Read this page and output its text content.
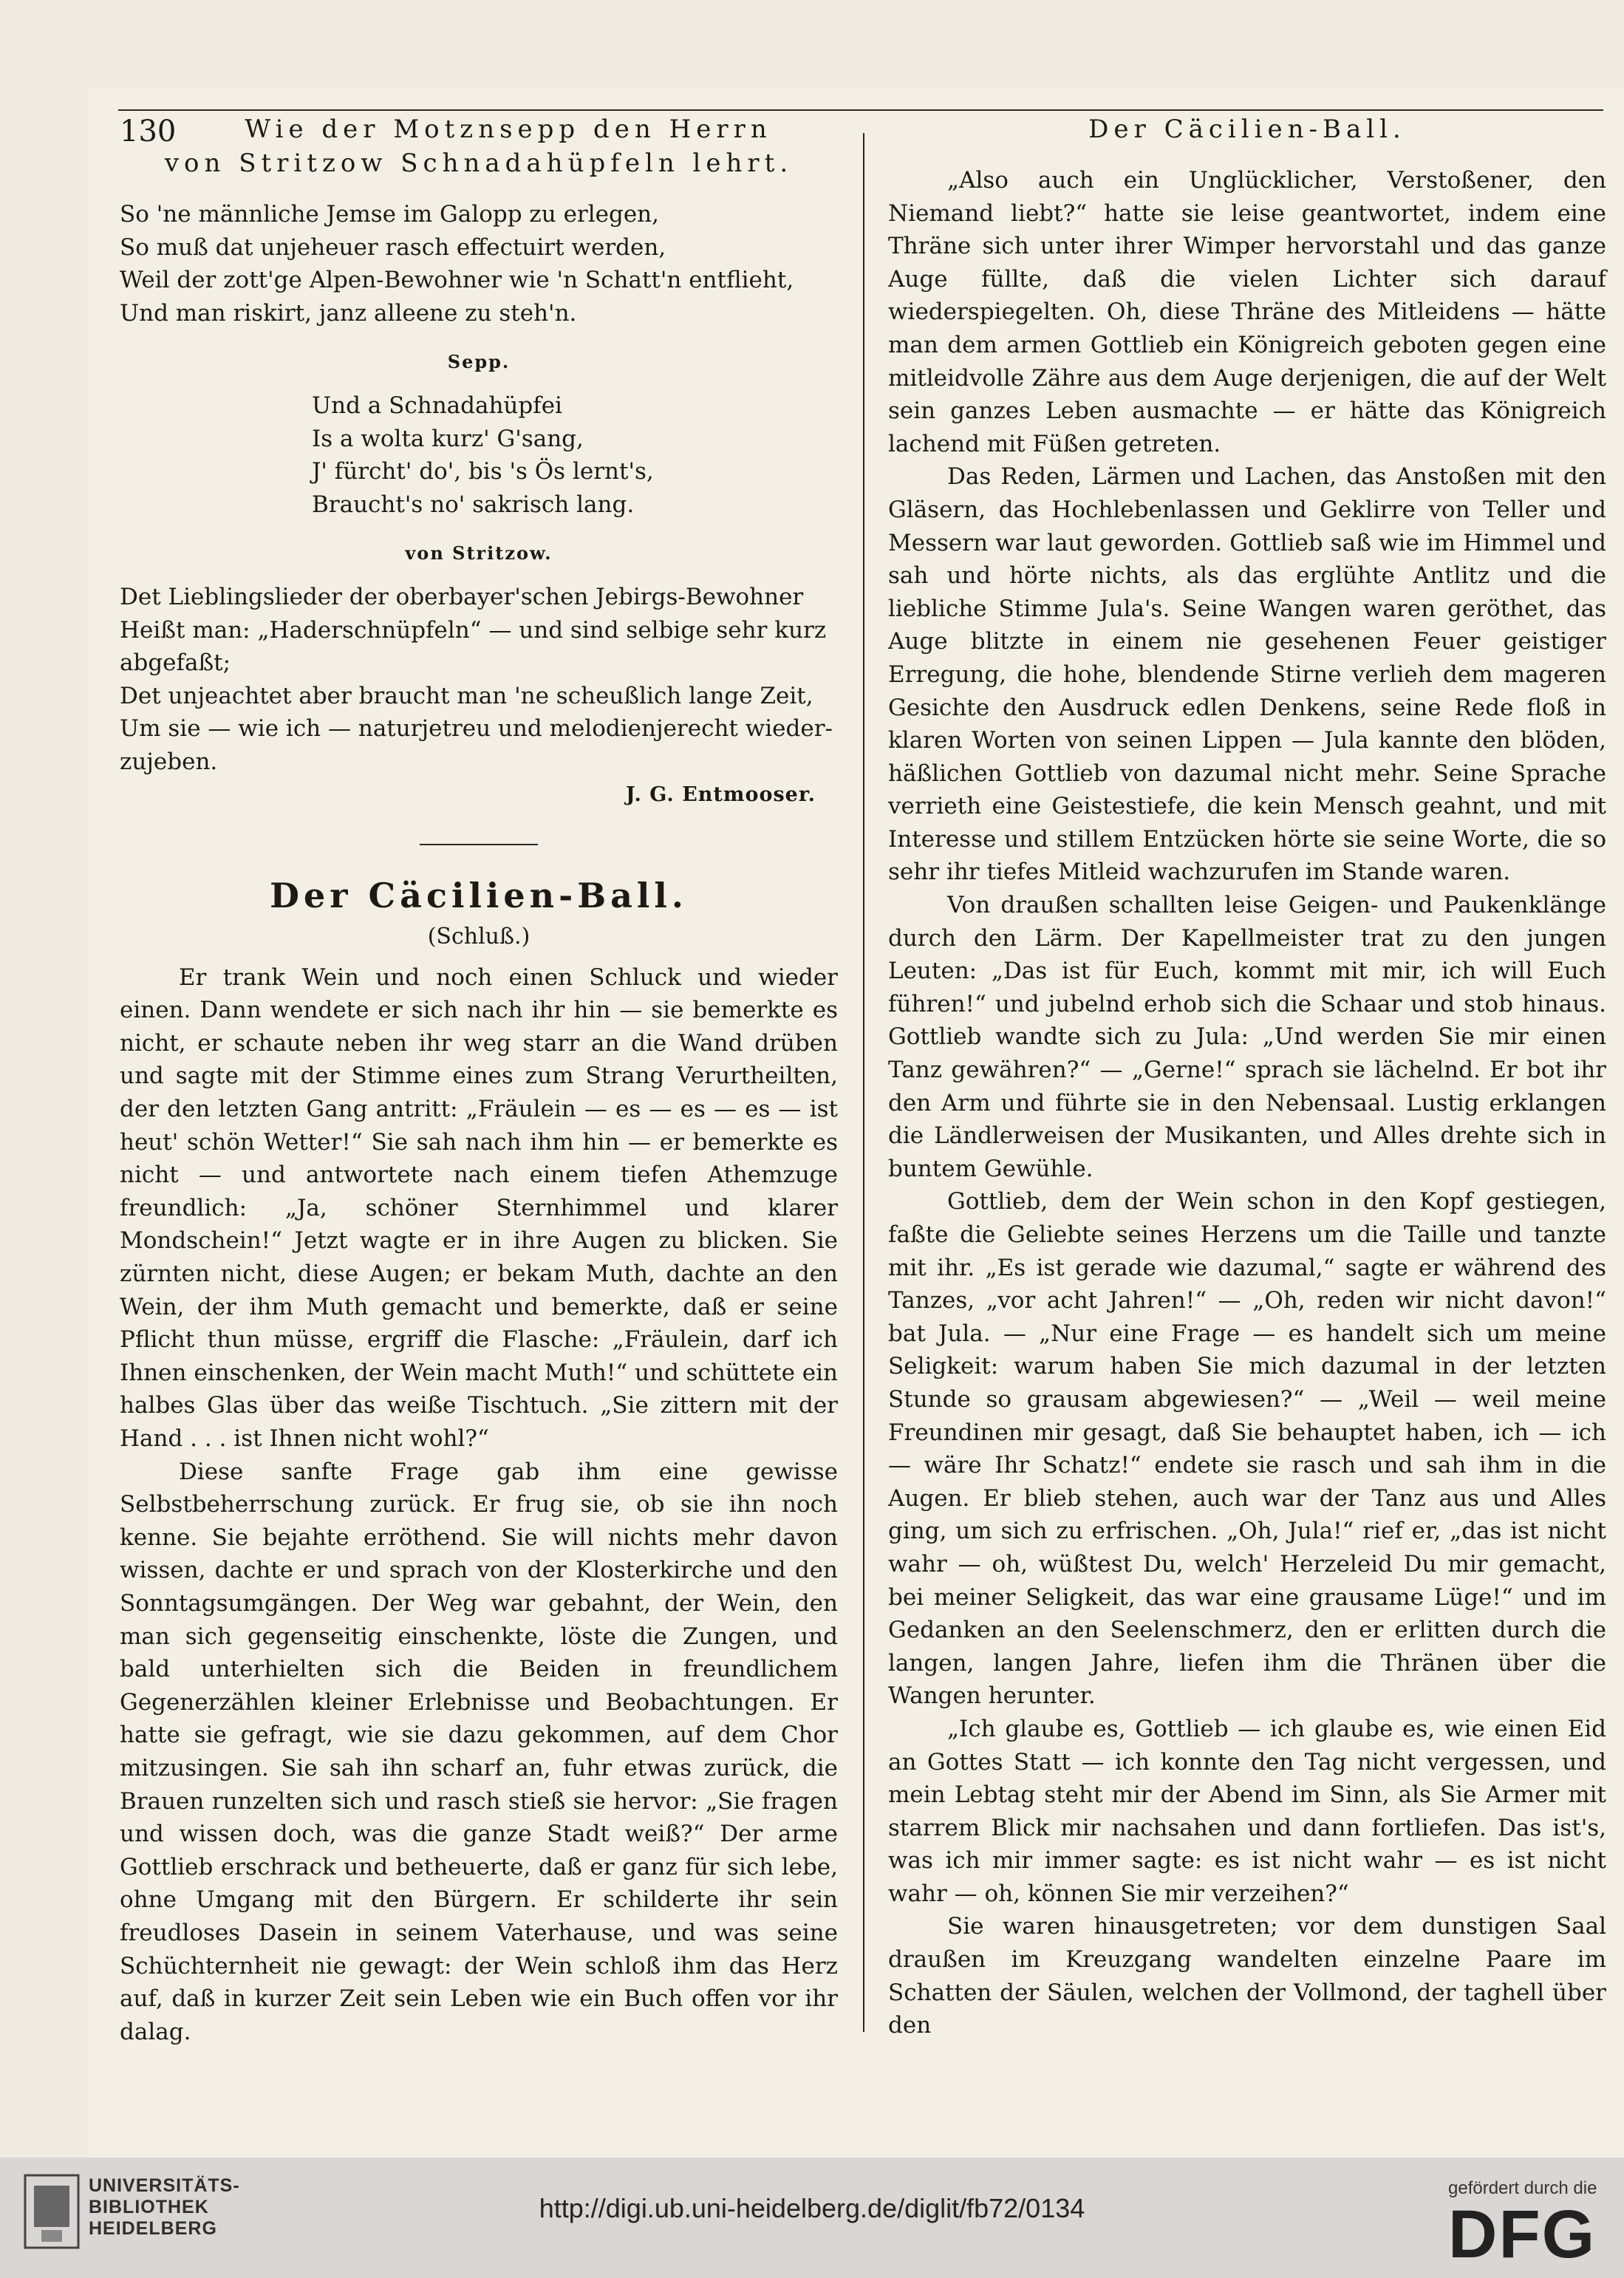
130	Wie der Motznsepp den Herrn
von Stritzow Schnadahüpfeln lehrt.

So 'ne männliche Jemse im Galopp zu erlegen,

So muß dat unjeheuer rasch effectuirt werden,

Weil der zott'ge Alpen-Bewohner wie 'n Schatt'n entflieht,

Und man riskirt, janz alleene zu steh'n.

Sepp.

Und a Schnadahüpfei

Is a wolta kurz' G'sang,

J' fürcht' do', bis 's Ös lernt's,

Braucht's no' sakrisch lang.

von Stritzow.

Det Lieblingslieder der oberbayer'schen Jebirgs-Bewohner

Heißt man: „Haderschnüpfeln“ — und sind selbige sehr kurz

abgefaßt;

Det unjeachtet aber braucht man 'ne scheußlich lange Zeit,

Um sie — wie ich — naturjetreu und melodienjerecht wieder-

zujeben.

J. G. Entmooser.
Der Cäcilien-Ball.
(Schluß.)

Er trank Wein und noch einen Schluck und wieder einen. Dann wendete er sich nach ihr hin — sie bemerkte es nicht, er schaute neben ihr weg starr an die Wand drüben und sagte mit der Stimme eines zum Strang Verurtheilten, der den letzten Gang antritt: „Fräulein — es — es — es — ist heut' schön Wetter!“ Sie sah nach ihm hin — er bemerkte es nicht — und antwortete nach einem tiefen Athemzuge freundlich: „Ja, schöner Sternhimmel und klarer Mondschein!“ Jetzt wagte er in ihre Augen zu blicken. Sie zürnten nicht, diese Augen; er bekam Muth, dachte an den Wein, der ihm Muth gemacht und bemerkte, daß er seine Pflicht thun müsse, ergriff die Flasche: „Fräulein, darf ich Ihnen einschenken, der Wein macht Muth!“ und schüttete ein halbes Glas über das weiße Tischtuch. „Sie zittern mit der Hand . . . ist Ihnen nicht wohl?“

Diese sanfte Frage gab ihm eine gewisse Selbstbeherrschung zurück. Er frug sie, ob sie ihn noch kenne. Sie bejahte erröthend. Sie will nichts mehr davon wissen, dachte er und sprach von der Klosterkirche und den Sonntagsumgängen. Der Weg war gebahnt, der Wein, den man sich gegenseitig einschenkte, löste die Zungen, und bald unterhielten sich die Beiden in freundlichem Gegenerzählen kleiner Erlebnisse und Beobachtungen. Er hatte sie gefragt, wie sie dazu gekommen, auf dem Chor mitzusingen. Sie sah ihn scharf an, fuhr etwas zurück, die Brauen runzelten sich und rasch stieß sie hervor: „Sie fragen und wissen doch, was die ganze Stadt weiß?“ Der arme Gottlieb erschrack und betheuerte, daß er ganz für sich lebe, ohne Umgang mit den Bürgern. Er schilderte ihr sein freudloses Dasein in seinem Vaterhause, und was seine Schüchternheit nie gewagt: der Wein schloß ihm das Herz auf, daß in kurzer Zeit sein Leben wie ein Buch offen vor ihr dalag.

Der Cäcilien-Ball.

„Also auch ein Unglücklicher, Verstoßener, den Niemand liebt?“ hatte sie leise geantwortet, indem eine Thräne sich unter ihrer Wimper hervorstahl und das ganze Auge füllte, daß die vielen Lichter sich darauf wiederspiegelten. Oh, diese Thräne des Mitleidens — hätte man dem armen Gottlieb ein Königreich geboten gegen eine mitleidvolle Zähre aus dem Auge derjenigen, die auf der Welt sein ganzes Leben ausmachte — er hätte das Königreich lachend mit Füßen getreten.

Das Reden, Lärmen und Lachen, das Anstoßen mit den Gläsern, das Hochlebenlassen und Geklirre von Teller und Messern war laut geworden. Gottlieb saß wie im Himmel und sah und hörte nichts, als das erglühte Antlitz und die liebliche Stimme Jula's. Seine Wangen waren geröthet, das Auge blitzte in einem nie gesehenen Feuer geistiger Erregung, die hohe, blendende Stirne verlieh dem mageren Gesichte den Ausdruck edlen Denkens, seine Rede floß in klaren Worten von seinen Lippen — Jula kannte den blöden, häßlichen Gottlieb von dazumal nicht mehr. Seine Sprache verrieth eine Geistestiefe, die kein Mensch geahnt, und mit Interesse und stillem Entzücken hörte sie seine Worte, die so sehr ihr tiefes Mitleid wachzurufen im Stande waren.

Von draußen schallten leise Geigen- und Paukenklänge durch den Lärm. Der Kapellmeister trat zu den jungen Leuten: „Das ist für Euch, kommt mit mir, ich will Euch führen!“ und jubelnd erhob sich die Schaar und stob hinaus. Gottlieb wandte sich zu Jula: „Und werden Sie mir einen Tanz gewähren?“ — „Gerne!“ sprach sie lächelnd. Er bot ihr den Arm und führte sie in den Nebensaal. Lustig erklangen die Ländlerweisen der Musikanten, und Alles drehte sich in buntem Gewühle.

Gottlieb, dem der Wein schon in den Kopf gestiegen, faßte die Geliebte seines Herzens um die Taille und tanzte mit ihr. „Es ist gerade wie dazumal,“ sagte er während des Tanzes, „vor acht Jahren!“ — „Oh, reden wir nicht davon!“ bat Jula. — „Nur eine Frage — es handelt sich um meine Seligkeit: warum haben Sie mich dazumal in der letzten Stunde so grausam abgewiesen?“ — „Weil — weil meine Freundinen mir gesagt, daß Sie behauptet haben, ich — ich — wäre Ihr Schatz!“ endete sie rasch und sah ihm in die Augen. Er blieb stehen, auch war der Tanz aus und Alles ging, um sich zu erfrischen. „Oh, Jula!“ rief er, „das ist nicht wahr — oh, wüßtest Du, welch' Herzeleid Du mir gemacht, bei meiner Seligkeit, das war eine grausame Lüge!“ und im Gedanken an den Seelenschmerz, den er erlitten durch die langen, langen Jahre, liefen ihm die Thränen über die Wangen herunter.

„Ich glaube es, Gottlieb — ich glaube es, wie einen Eid an Gottes Statt — ich konnte den Tag nicht vergessen, und mein Lebtag steht mir der Abend im Sinn, als Sie Armer mit starrem Blick mir nachsahen und dann fortliefen. Das ist's, was ich mir immer sagte: es ist nicht wahr — es ist nicht wahr — oh, können Sie mir verzeihen?“

Sie waren hinausgetreten; vor dem dunstigen Saal draußen im Kreuzgang wandelten einzelne Paare im Schatten der Säulen, welchen der Vollmond, der taghell über den

UNIVERSITÄTS-
BIBLIOTHEK
HEIDELBERG
http://digi.ub.uni-heidelberg.de/diglit/fb72/0134
gefördert durch die
DFG
